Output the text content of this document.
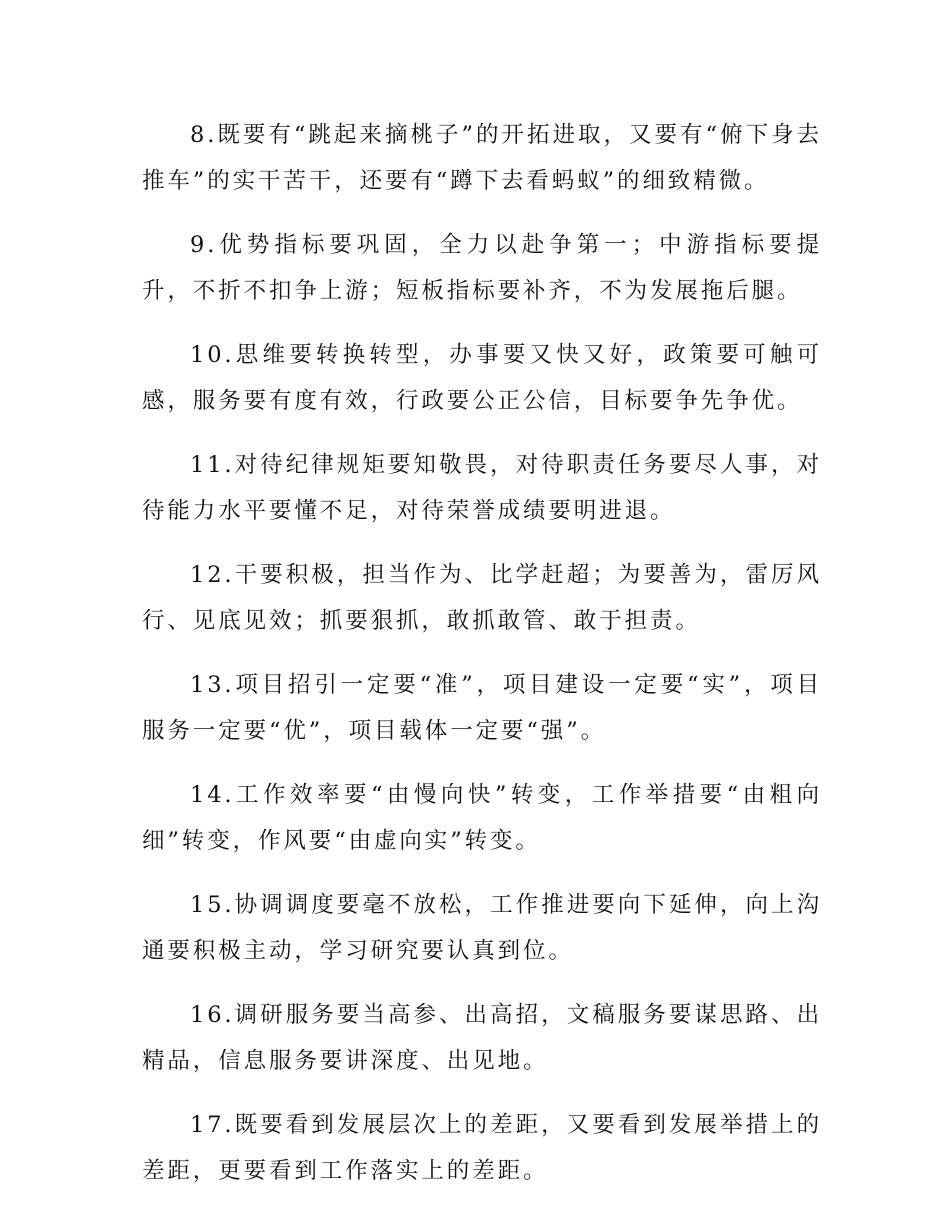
8.既要有“跳起来摘桃子”的开拓进取，又要有“俯下身去推车”的实干苦干，还要有“蹲下去看蚂蚁”的细致精微。

9.优势指标要巩固，全力以赴争第一；中游指标要提升，不折不扣争上游；短板指标要补齐，不为发展拖后腿。

10.思维要转换转型，办事要又快又好，政策要可触可感，服务要有度有效，行政要公正公信，目标要争先争优。

11.对待纪律规矩要知敬畏，对待职责任务要尽人事，对待能力水平要懂不足，对待荣誉成绩要明进退。

12.干要积极，担当作为、比学赶超；为要善为，雷厉风行、见底见效；抓要狠抓，敢抓敢管、敢于担责。

13.项目招引一定要“准”，项目建设一定要“实”，项目服务一定要“优”，项目载体一定要“强”。

14.工作效率要“由慢向快”转变，工作举措要“由粗向细”转变，作风要“由虚向实”转变。

15.协调调度要毫不放松，工作推进要向下延伸，向上沟通要积极主动，学习研究要认真到位。

16.调研服务要当高参、出高招，文稿服务要谋思路、出精品，信息服务要讲深度、出见地。

17.既要看到发展层次上的差距，又要看到发展举措上的差距，更要看到工作落实上的差距。
